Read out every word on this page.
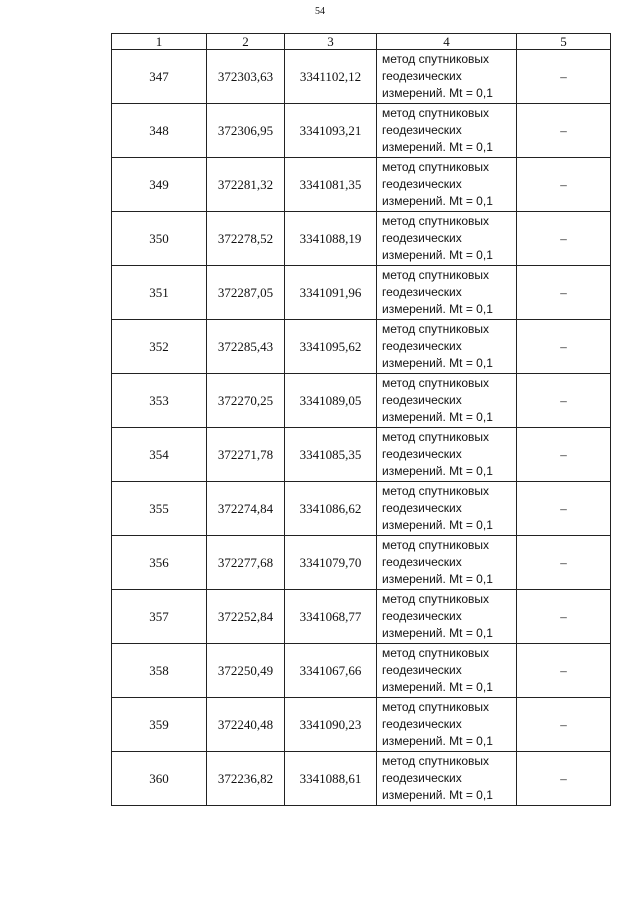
54
1	2	3	4	5
347	372303,63	3341102,12	метод спутниковых
геодезических
измерений. Mt = 0,1	–
348	372306,95	3341093,21	метод спутниковых
геодезических
измерений. Mt = 0,1	–
349	372281,32	3341081,35	метод спутниковых
геодезических
измерений. Mt = 0,1	–
350	372278,52	3341088,19	метод спутниковых
геодезических
измерений. Mt = 0,1	–
351	372287,05	3341091,96	метод спутниковых
геодезических
измерений. Mt = 0,1	–
352	372285,43	3341095,62	метод спутниковых
геодезических
измерений. Mt = 0,1	–
353	372270,25	3341089,05	метод спутниковых
геодезических
измерений. Mt = 0,1	–
354	372271,78	3341085,35	метод спутниковых
геодезических
измерений. Mt = 0,1	–
355	372274,84	3341086,62	метод спутниковых
геодезических
измерений. Mt = 0,1	–
356	372277,68	3341079,70	метод спутниковых
геодезических
измерений. Mt = 0,1	–
357	372252,84	3341068,77	метод спутниковых
геодезических
измерений. Mt = 0,1	–
358	372250,49	3341067,66	метод спутниковых
геодезических
измерений. Mt = 0,1	–
359	372240,48	3341090,23	метод спутниковых
геодезических
измерений. Mt = 0,1	–
360	372236,82	3341088,61	метод спутниковых
геодезических
измерений. Mt = 0,1	–
